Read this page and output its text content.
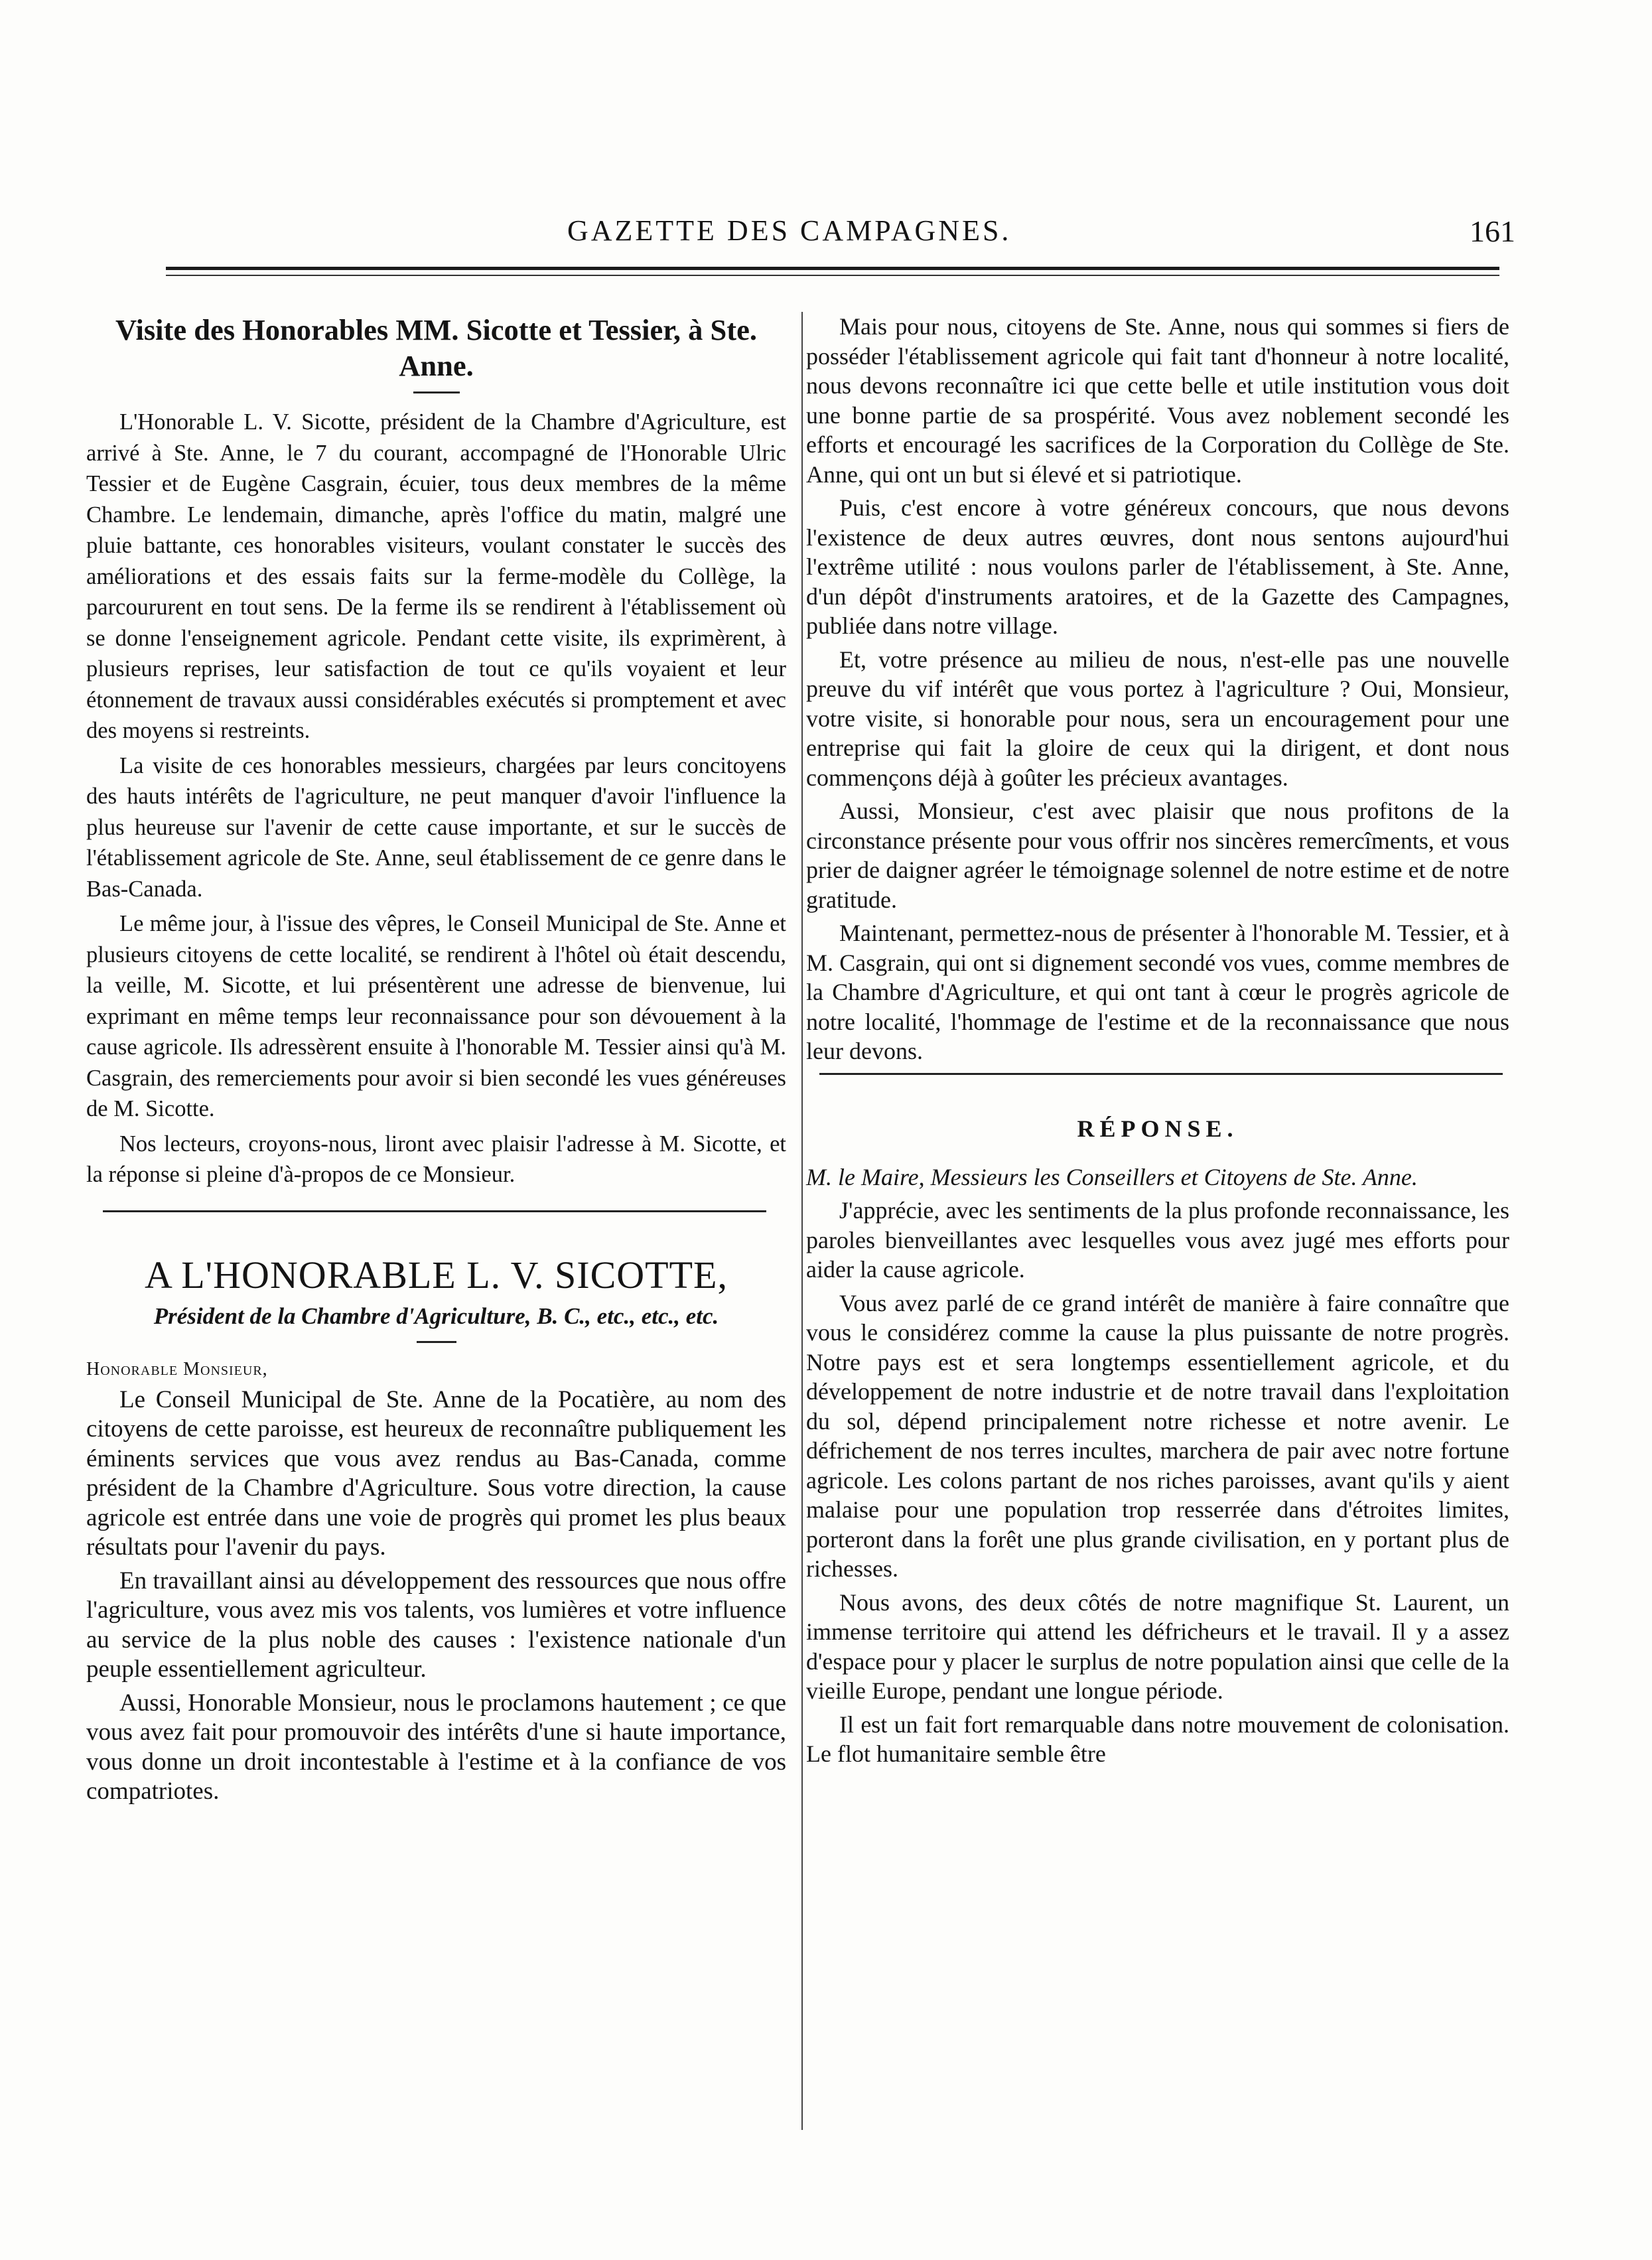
GAZETTE DES CAMPAGNES.	161
Visite des Honorables MM. Sicotte et Tessier, à Ste. Anne.

L'Honorable L. V. Sicotte, président de la Chambre d'Agriculture, est arrivé à Ste. Anne, le 7 du courant, accompagné de l'Honorable Ulric Tessier et de Eugène Casgrain, écuier, tous deux membres de la même Chambre. Le lendemain, dimanche, après l'office du matin, malgré une pluie battante, ces honorables visiteurs, voulant constater le succès des améliorations et des essais faits sur la ferme-modèle du Collège, la parcoururent en tout sens. De la ferme ils se rendirent à l'établissement où se donne l'enseignement agricole. Pendant cette visite, ils exprimèrent, à plusieurs reprises, leur satisfaction de tout ce qu'ils voyaient et leur étonnement de travaux aussi considérables exécutés si promptement et avec des moyens si restreints.

La visite de ces honorables messieurs, chargées par leurs concitoyens des hauts intérêts de l'agriculture, ne peut manquer d'avoir l'influence la plus heureuse sur l'avenir de cette cause importante, et sur le succès de l'établissement agricole de Ste. Anne, seul établissement de ce genre dans le Bas-Canada.

Le même jour, à l'issue des vêpres, le Conseil Municipal de Ste. Anne et plusieurs citoyens de cette localité, se rendirent à l'hôtel où était descendu, la veille, M. Sicotte, et lui présentèrent une adresse de bienvenue, lui exprimant en même temps leur reconnaissance pour son dévouement à la cause agricole. Ils adressèrent ensuite à l'honorable M. Tessier ainsi qu'à M. Casgrain, des remerciements pour avoir si bien secondé les vues généreuses de M. Sicotte.

Nos lecteurs, croyons-nous, liront avec plaisir l'adresse à M. Sicotte, et la réponse si pleine d'à-propos de ce Monsieur.

A L'HONORABLE L. V. SICOTTE,
Président de la Chambre d'Agriculture, B. C., etc., etc., etc.
Honorable Monsieur,

Le Conseil Municipal de Ste. Anne de la Pocatière, au nom des citoyens de cette paroisse, est heureux de reconnaître publiquement les éminents services que vous avez rendus au Bas-Canada, comme président de la Chambre d'Agriculture. Sous votre direction, la cause agricole est entrée dans une voie de progrès qui promet les plus beaux résultats pour l'avenir du pays.

En travaillant ainsi au développement des ressources que nous offre l'agriculture, vous avez mis vos talents, vos lumières et votre influence au service de la plus noble des causes : l'existence nationale d'un peuple essentiellement agriculteur.

Aussi, Honorable Monsieur, nous le proclamons hautement ; ce que vous avez fait pour promouvoir des intérêts d'une si haute importance, vous donne un droit incontestable à l'estime et à la confiance de vos compatriotes.

Mais pour nous, citoyens de Ste. Anne, nous qui sommes si fiers de posséder l'établissement agricole qui fait tant d'honneur à notre localité, nous devons reconnaître ici que cette belle et utile institution vous doit une bonne partie de sa prospérité. Vous avez noblement secondé les efforts et encouragé les sacrifices de la Corporation du Collège de Ste. Anne, qui ont un but si élevé et si patriotique.

Puis, c'est encore à votre généreux concours, que nous devons l'existence de deux autres œuvres, dont nous sentons aujourd'hui l'extrême utilité : nous voulons parler de l'établissement, à Ste. Anne, d'un dépôt d'instruments aratoires, et de la Gazette des Campagnes, publiée dans notre village.

Et, votre présence au milieu de nous, n'est-elle pas une nouvelle preuve du vif intérêt que vous portez à l'agriculture ? Oui, Monsieur, votre visite, si honorable pour nous, sera un encouragement pour une entreprise qui fait la gloire de ceux qui la dirigent, et dont nous commençons déjà à goûter les précieux avantages.

Aussi, Monsieur, c'est avec plaisir que nous profitons de la circonstance présente pour vous offrir nos sincères remercîments, et vous prier de daigner agréer le témoignage solennel de notre estime et de notre gratitude.

Maintenant, permettez-nous de présenter à l'honorable M. Tessier, et à M. Casgrain, qui ont si dignement secondé vos vues, comme membres de la Chambre d'Agriculture, et qui ont tant à cœur le progrès agricole de notre localité, l'hommage de l'estime et de la reconnaissance que nous leur devons.

RÉPONSE.

M. le Maire, Messieurs les Conseillers et Citoyens de Ste. Anne.

J'apprécie, avec les sentiments de la plus profonde reconnaissance, les paroles bienveillantes avec lesquelles vous avez jugé mes efforts pour aider la cause agricole.

Vous avez parlé de ce grand intérêt de manière à faire connaître que vous le considérez comme la cause la plus puissante de notre progrès. Notre pays est et sera longtemps essentiellement agricole, et du développement de notre industrie et de notre travail dans l'exploitation du sol, dépend principalement notre richesse et notre avenir. Le défrichement de nos terres incultes, marchera de pair avec notre fortune agricole. Les colons partant de nos riches paroisses, avant qu'ils y aient malaise pour une population trop resserrée dans d'étroites limites, porteront dans la forêt une plus grande civilisation, en y portant plus de richesses.

Nous avons, des deux côtés de notre magnifique St. Laurent, un immense territoire qui attend les défricheurs et le travail. Il y a assez d'espace pour y placer le surplus de notre population ainsi que celle de la vieille Europe, pendant une longue période.

Il est un fait fort remarquable dans notre mouvement de colonisation. Le flot humanitaire semble être
